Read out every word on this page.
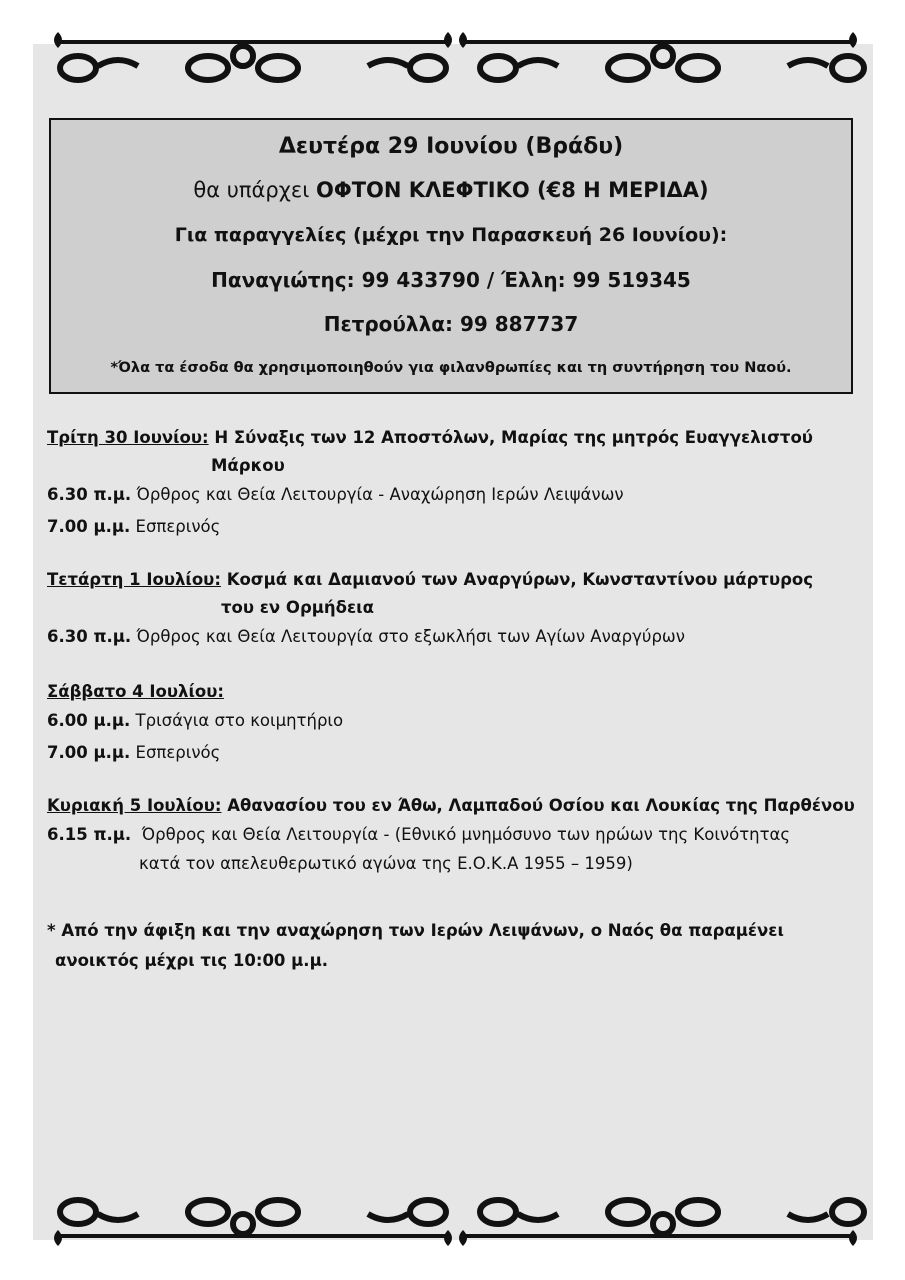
Δευτέρα 29 Ιουνίου (Βράδυ)
θα υπάρχει ΟΦΤΟΝ ΚΛΕΦΤΙΚΟ (€8 Η ΜΕΡΙΔΑ)
Για παραγγελίες (μέχρι την Παρασκευή 26 Ιουνίου):
Παναγιώτης: 99 433790 / Έλλη: 99 519345
Πετρούλλα: 99 887737
*Όλα τα έσοδα θα χρησιμοποιηθούν για φιλανθρωπίες και τη συντήρηση του Ναού.
Τρίτη 30 Ιουνίου: Η Σύναξις των 12 Αποστόλων, Μαρίας της μητρός Ευαγγελιστού
Μάρκου
6.30 π.μ. Όρθρος και Θεία Λειτουργία - Αναχώρηση Ιερών Λειψάνων
7.00 μ.μ. Εσπερινός
Τετάρτη 1 Ιουλίου: Κοσμά και Δαμιανού των Αναργύρων, Κωνσταντίνου μάρτυρος
του εν Ορμήδεια
6.30 π.μ. Όρθρος και Θεία Λειτουργία στο εξωκλήσι των Αγίων Αναργύρων
Σάββατο 4 Ιουλίου:
6.00 μ.μ. Τρισάγια στο κοιμητήριο
7.00 μ.μ. Εσπερινός
Κυριακή 5 Ιουλίου: Αθανασίου του εν Άθω, Λαμπαδού Οσίου και Λουκίας της Παρθένου
6.15 π.μ. Όρθρος και Θεία Λειτουργία - (Εθνικό μνημόσυνο των ηρώων της Κοινότητας
κατά τον απελευθερωτικό αγώνα της Ε.Ο.Κ.Α 1955 – 1959)
* Από την άφιξη και την αναχώρηση των Ιερών Λειψάνων, ο Ναός θα παραμένει
ανοικτός μέχρι τις 10:00 μ.μ.
